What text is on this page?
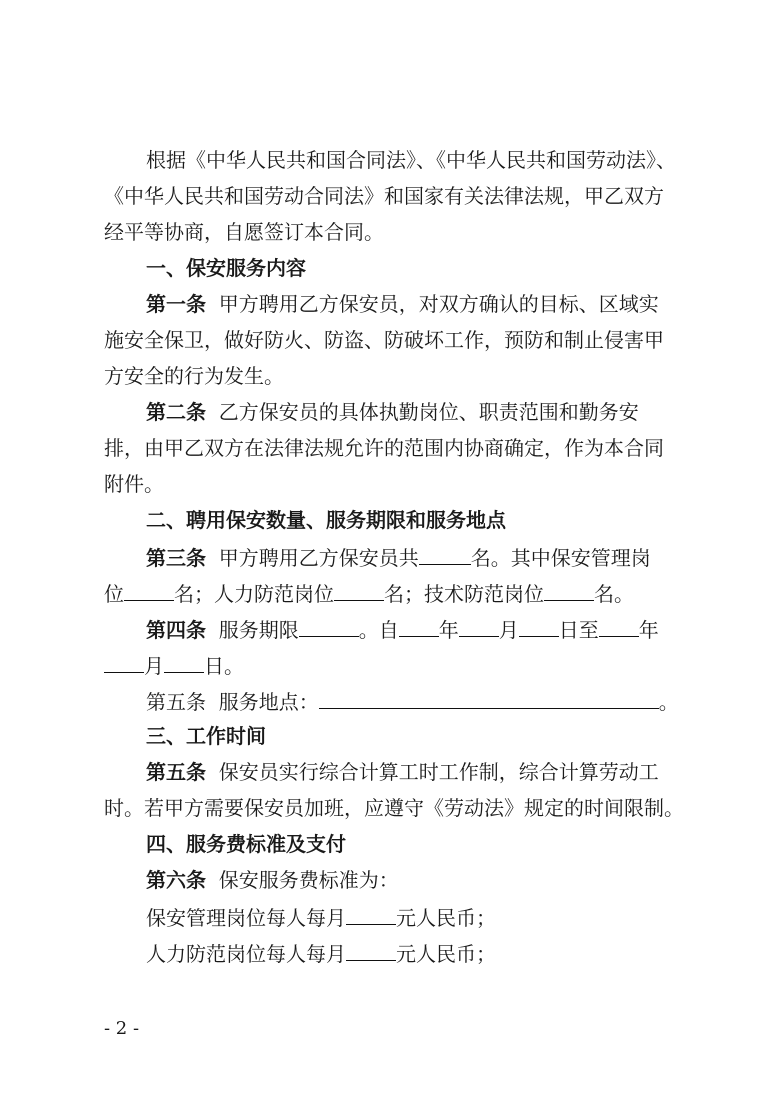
根据《中华人民共和国合同法》、《中华人民共和国劳动法》、
《中华人民共和国劳动合同法》和国家有关法律法规，甲乙双方
经平等协商，自愿签订本合同。
一、保安服务内容
第一条 甲方聘用乙方保安员，对双方确认的目标、区域实
施安全保卫，做好防火、防盗、防破坏工作，预防和制止侵害甲
方安全的行为发生。
第二条 乙方保安员的具体执勤岗位、职责范围和勤务安
排，由甲乙双方在法律法规允许的范围内协商确定，作为本合同
附件。
二、聘用保安数量、服务期限和服务地点
第三条 甲方聘用乙方保安员共	名。其中保安管理岗
位	名；人力防范岗位	名；技术防范岗位	名。
第四条 服务期限	。自 年 月 日至 年
月 日。
第五条 服务地点：	。
三、工作时间
第五条 保安员实行综合计算工时工作制，综合计算劳动工
时。若甲方需要保安员加班，应遵守《劳动法》规定的时间限制。
四、服务费标准及支付
第六条 保安服务费标准为：
保安管理岗位每人每月	元人民币；
人力防范岗位每人每月	元人民币；
- 2 -
